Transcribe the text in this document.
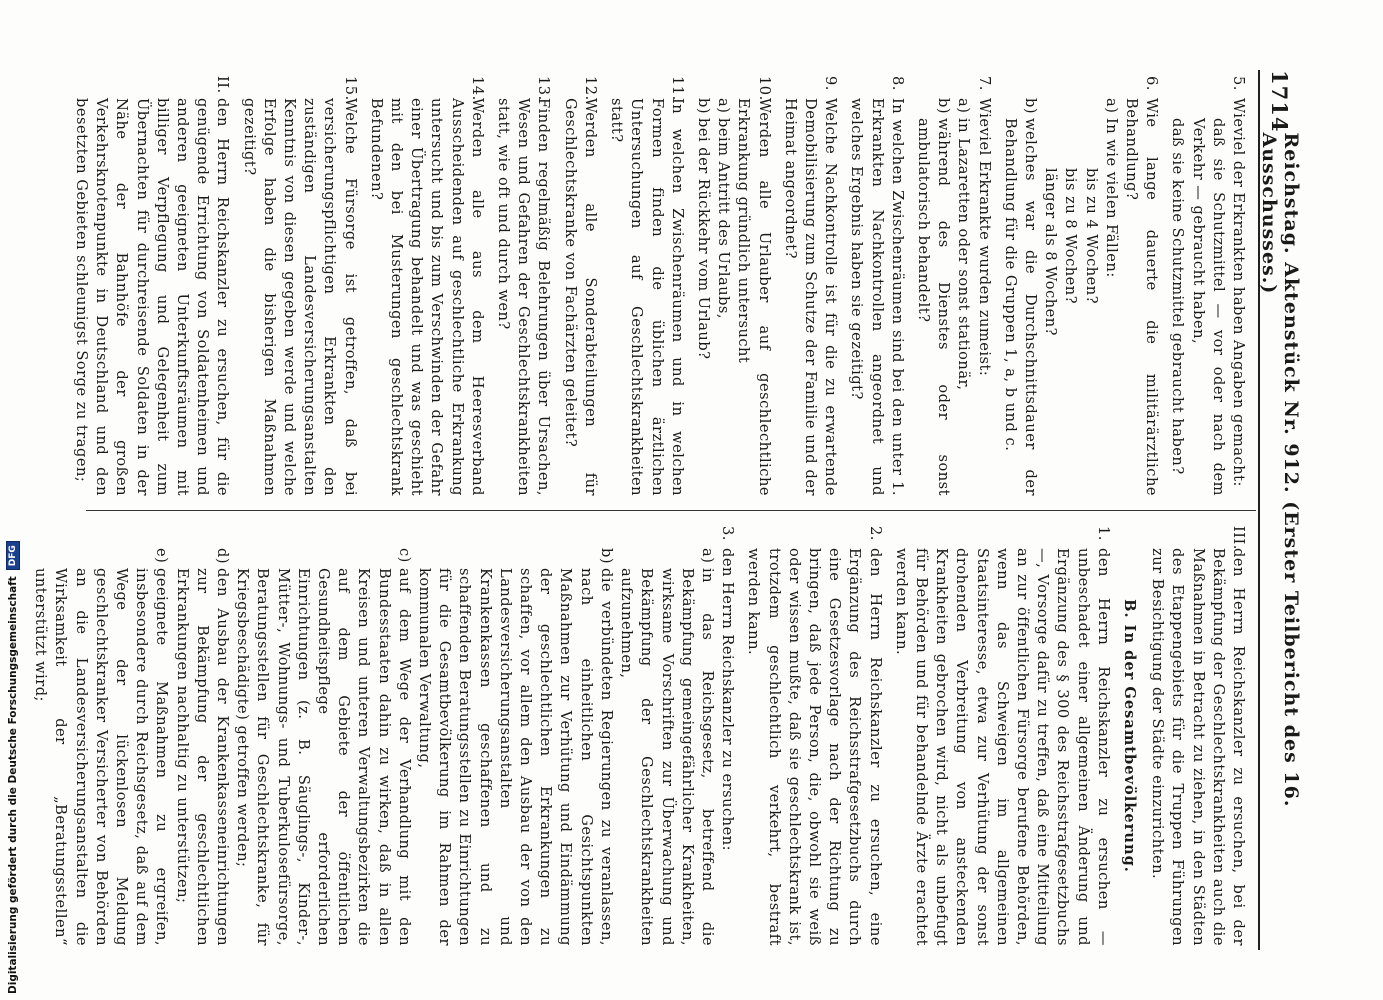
1714
Reichstag. Aktenstück Nr. 912. (Erster Teilbericht des 16. Ausschusses.)
5.
Wieviel der Erkrankten haben Angaben gemacht:

daß sie Schutzmittel — vor oder nach dem Verkehr — gebraucht haben,

daß sie keine Schutzmittel gebraucht haben?

6.
Wie lange dauerte die militärärztliche Behandlung?

a)
In wie vielen Fällen:

bis zu 4 Wochen?

bis zu 8 Wochen?

länger als 8 Wochen?

b)
welches war die Durchschnittsdauer der Behandlung für die Gruppen 1, a, b und c.

7.
Wieviel Erkrankte wurden zumeist:

a)
in Lazaretten oder sonst stationär,

b)
während des Dienstes oder sonst ambulatorisch behandelt?

8.
In welchen Zwischenräumen sind bei den unter 1. Erkrankten Nachkontrollen angeordnet und welches Ergebnis haben sie gezeitigt?
9.
Welche Nachkontrolle ist für die zu erwartende Demobilisierung zum Schutze der Familie und der Heimat angeordnet?
10.
Werden alle Urlauber auf geschlechtliche Erkrankung gründlich untersucht

a)
beim Antritt des Urlaubs,

b)
bei der Rückkehr vom Urlaub?

11.
In welchen Zwischenräumen und in welchen Formen finden die üblichen ärztlichen Untersuchungen auf Geschlechtskrankheiten statt?
12.
Werden alle Sonderabteilungen für Geschlechtskranke von Fachärzten geleitet?
13.
Finden regelmäßig Belehrungen über Ursachen, Wesen und Gefahren der Geschlechtskrankheiten statt, wie oft und durch wen?
14.
Werden alle aus dem Heeresverband Ausscheidenden auf geschlechtliche Erkrankung untersucht und bis zum Verschwinden der Gefahr einer Übertragung behandelt und was geschieht mit den bei Musterungen geschlechtskrank Befundenen?
15.
Welche Fürsorge ist getroffen, daß bei versicherungspflichtigen Erkrankten den zuständigen Landesversicherungsanstalten Kenntnis von diesen gegeben werde und welche Erfolge haben die bisherigen Maßnahmen gezeitigt?
II.
den Herrn Reichskanzler zu ersuchen, für die genügende Errichtung von Soldatenheimen und anderen geeigneten Unterkunftsräumen mit billiger Verpflegung und Gelegenheit zum Übernachten für durchreisende Soldaten in der Nähe der Bahnhöfe der großen Verkehrsknotenpunkte in Deutschland und den besetzten Gebieten schleunigst Sorge zu tragen;
III.
den Herrn Reichskanzler zu ersuchen, bei der Bekämpfung der Geschlechtskrankheiten auch die Maßnahmen in Betracht zu ziehen, in den Städten des Etappengebiets für die Truppen Führungen zur Besichtigung der Städte einzurichten.
B. In der Gesamtbevölkerung.
1.
den Herrn Reichskanzler zu ersuchen — unbeschadet einer allgemeinen Änderung und Ergänzung des § 300 des Reichsstrafgesetzbuchs —, Vorsorge dafür zu treffen, daß eine Mitteilung an zur öffentlichen Fürsorge berufene Behörden, wenn das Schweigen im allgemeinen Staatsinteresse, etwa zur Verhütung der sonst drohenden Verbreitung von ansteckenden Krankheiten gebrochen wird, nicht als unbefugt für Behörden und für behandelnde Ärzte erachtet werden kann.
2.
den Herrn Reichskanzler zu ersuchen, eine Ergänzung des Reichsstrafgesetzbuchs durch eine Gesetzesvorlage nach der Richtung zu bringen, daß jede Person, die, obwohl sie weiß oder wissen mußte, daß sie geschlechtskrank ist, trotzdem geschlechtlich verkehrt, bestraft werden kann.
3.
den Herrn Reichskanzler zu ersuchen:

a)
in das Reichsgesetz, betreffend die Bekämpfung gemeingefährlicher Krankheiten, wirksame Vorschriften zur Überwachung und Bekämpfung der Geschlechtskrankheiten aufzunehmen,

b)
die verbündeten Regierungen zu veranlassen, nach einheitlichen Gesichtspunkten Maßnahmen zur Verhütung und Eindämmung der geschlechtlichen Erkrankungen zu schaffen, vor allem den Ausbau der von den Landesversicherungsanstalten und Krankenkassen geschaffenen und zu schaffenden Beratungsstellen zu Einrichtungen für die Gesamtbevölkerung im Rahmen der kommunalen Verwaltung,

c)
auf dem Wege der Verhandlung mit den Bundesstaaten dahin zu wirken, daß in allen Kreisen und unteren Verwaltungsbezirken die auf dem Gebiete der öffentlichen Gesundheitspflege erforderlichen Einrichtungen (z. B. Säuglings-, Kinder-, Mütter-, Wohnungs- und Tuberkulosefürsorge, Beratungsstellen für Geschlechtskranke, für Kriegsbeschädigte) getroffen werden;

d)
den Ausbau der Krankenkasseneinrichtungen zur Bekämpfung der geschlechtlichen Erkrankungen nachhaltig zu unterstützen;

e)
geeignete Maßnahmen zu ergreifen, insbesondere durch Reichsgesetz, daß auf dem Wege der lückenlosen Meldung geschlechtskranker Versicherter von Behörden an die Landesversicherungsanstalten die Wirksamkeit der „Beratungsstellen“ unterstützt wird;

Digitalisierung gefördert durch die Deutsche Forschungsgemeinschaft
DFG
